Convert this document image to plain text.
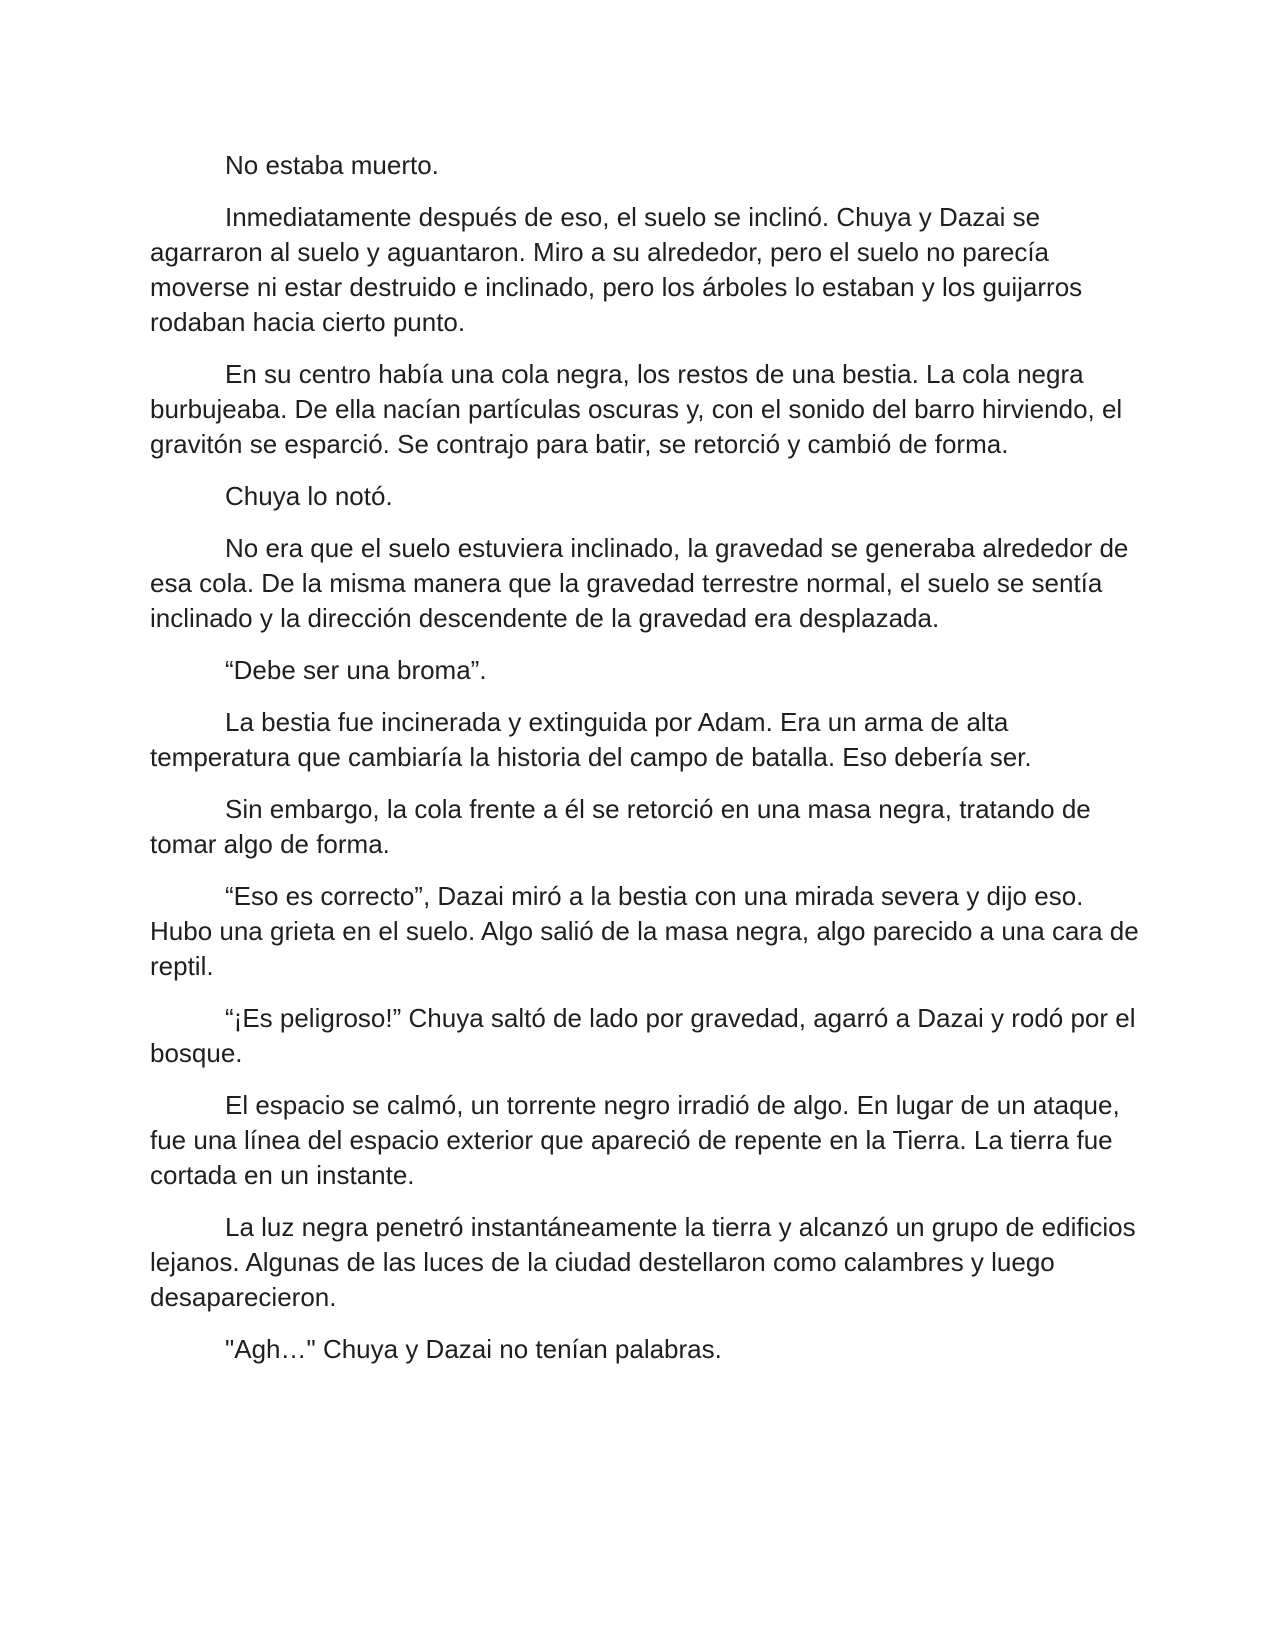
No estaba muerto.

Inmediatamente después de eso, el suelo se inclinó. Chuya y Dazai se agarraron al suelo y aguantaron. Miro a su alrededor, pero el suelo no parecía moverse ni estar destruido e inclinado, pero los árboles lo estaban y los guijarros rodaban hacia cierto punto.

En su centro había una cola negra, los restos de una bestia. La cola negra burbujeaba. De ella nacían partículas oscuras y, con el sonido del barro hirviendo, el gravitón se esparció. Se contrajo para batir, se retorció y cambió de forma.

Chuya lo notó.

No era que el suelo estuviera inclinado, la gravedad se generaba alrededor de esa cola. De la misma manera que la gravedad terrestre normal, el suelo se sentía inclinado y la dirección descendente de la gravedad era desplazada.

“Debe ser una broma”.

La bestia fue incinerada y extinguida por Adam. Era un arma de alta temperatura que cambiaría la historia del campo de batalla. Eso debería ser.

Sin embargo, la cola frente a él se retorció en una masa negra, tratando de tomar algo de forma.

“Eso es correcto”, Dazai miró a la bestia con una mirada severa y dijo eso. Hubo una grieta en el suelo. Algo salió de la masa negra, algo parecido a una cara de reptil.

“¡Es peligroso!” Chuya saltó de lado por gravedad, agarró a Dazai y rodó por el bosque.

El espacio se calmó, un torrente negro irradió de algo. En lugar de un ataque, fue una línea del espacio exterior que apareció de repente en la Tierra. La tierra fue cortada en un instante.

La luz negra penetró instantáneamente la tierra y alcanzó un grupo de edificios lejanos. Algunas de las luces de la ciudad destellaron como calambres y luego desaparecieron.

"Agh…" Chuya y Dazai no tenían palabras.
